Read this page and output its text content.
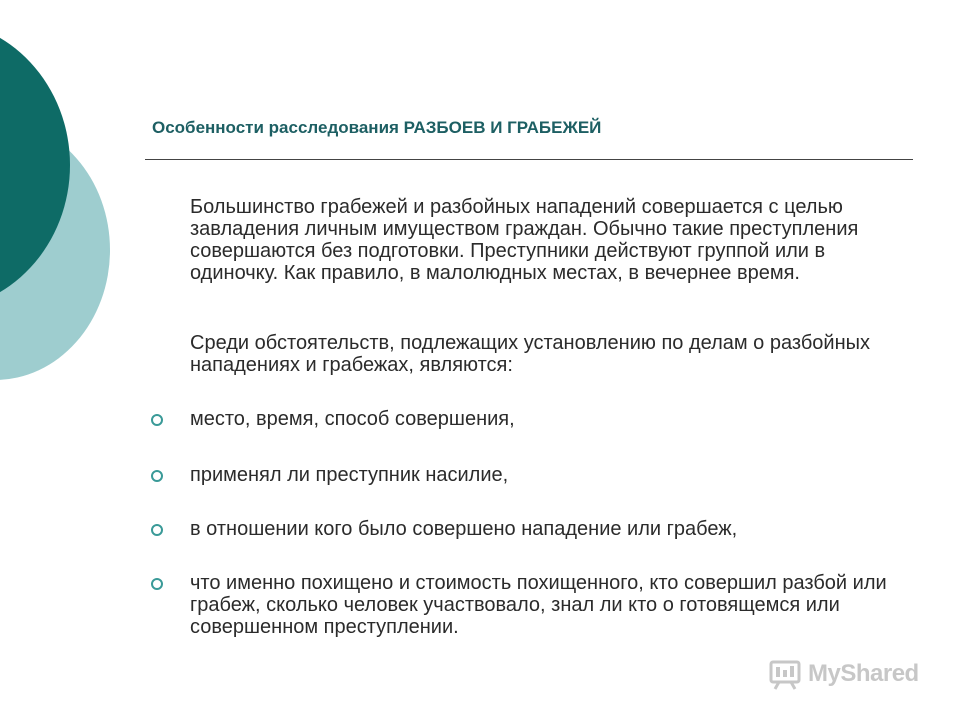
Особенности расследования РАЗБОЕВ И ГРАБЕЖЕЙ
Большинство грабежей и разбойных нападений совершается с целью завладения личным имуществом граждан. Обычно такие преступления совершаются без подготовки. Преступники действуют группой или в одиночку. Как правило, в малолюдных местах, в вечернее время.
Среди обстоятельств, подлежащих установлению по делам о разбойных нападениях и грабежах, являются:
место, время, способ совершения,
применял ли преступник насилие,
в отношении кого было совершено нападение или грабеж,
что именно похищено и стоимость похищенного, кто совершил разбой или грабеж, сколько человек участвовало, знал ли кто о готовящемся или совершенном преступлении.
MyShared
